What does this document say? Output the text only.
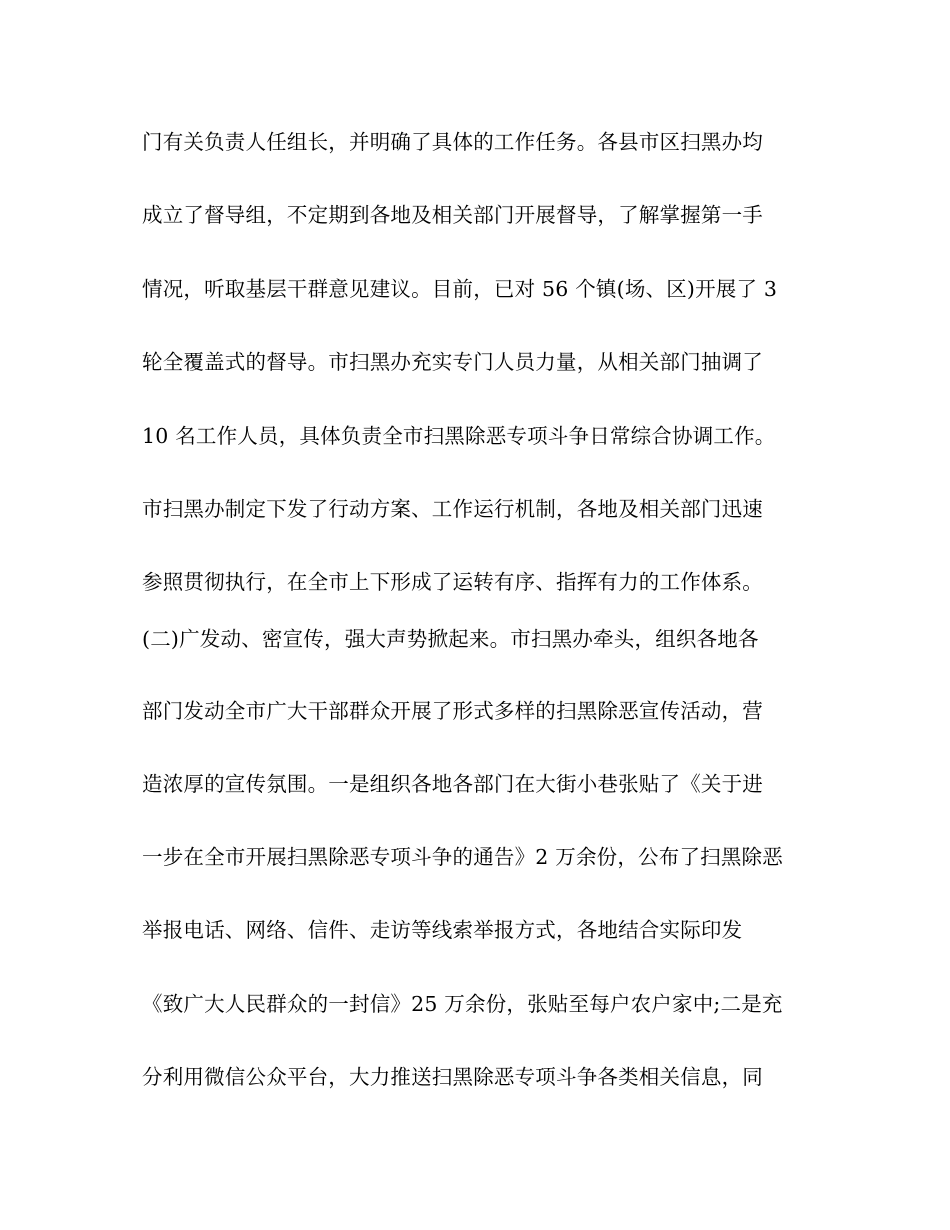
门有关负责人任组长，并明确了具体的工作任务。各县市区扫黑办均
成立了督导组，不定期到各地及相关部门开展督导，了解掌握第一手
情况，听取基层干群意见建议。目前，已对 56 个镇(场、区)开展了 3
轮全覆盖式的督导。市扫黑办充实专门人员力量，从相关部门抽调了
10 名工作人员，具体负责全市扫黑除恶专项斗争日常综合协调工作。
市扫黑办制定下发了行动方案、工作运行机制，各地及相关部门迅速
参照贯彻执行，在全市上下形成了运转有序、指挥有力的工作体系。
(二)广发动、密宣传，强大声势掀起来。市扫黑办牵头，组织各地各
部门发动全市广大干部群众开展了形式多样的扫黑除恶宣传活动，营
造浓厚的宣传氛围。一是组织各地各部门在大街小巷张贴了《关于进
一步在全市开展扫黑除恶专项斗争的通告》2 万余份，公布了扫黑除恶
举报电话、网络、信件、走访等线索举报方式，各地结合实际印发
《致广大人民群众的一封信》25 万余份，张贴至每户农户家中;二是充
分利用微信公众平台，大力推送扫黑除恶专项斗争各类相关信息，同
